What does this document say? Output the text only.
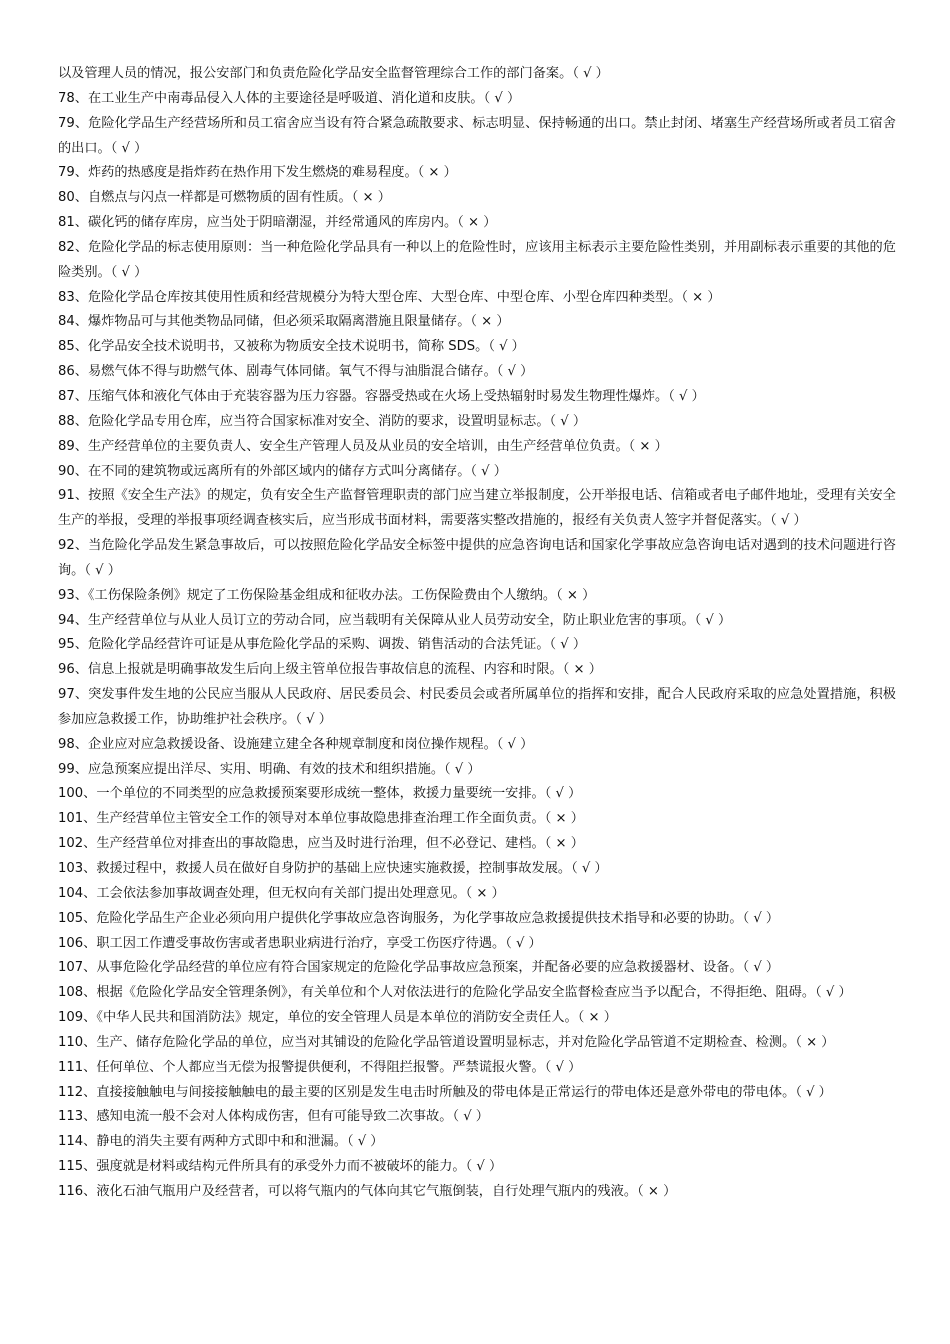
以及管理人员的情况，报公安部门和负责危险化学品安全监督管理综合工作的部门备案。（ √ ）

78、在工业生产中南毒品侵入人体的主要途径是呼吸道、消化道和皮肤。（ √ ）

79、危险化学品生产经营场所和员工宿舍应当设有符合紧急疏散要求、标志明显、保持畅通的出口。禁止封闭、堵塞生产经营场所或者员工宿舍的出口。（ √ ）

79、炸药的热感度是指炸药在热作用下发生燃烧的难易程度。（ × ）

80、自燃点与闪点一样都是可燃物质的固有性质。（ × ）

81、碳化钙的储存库房，应当处于阴暗潮湿，并经常通风的库房内。（ × ）

82、危险化学品的标志使用原则：当一种危险化学品具有一种以上的危险性时，应该用主标表示主要危险性类别，并用副标表示重要的其他的危险类别。（ √ ）

83、危险化学品仓库按其使用性质和经营规模分为特大型仓库、大型仓库、中型仓库、小型仓库四种类型。（ × ）

84、爆炸物品可与其他类物品同储，但必须采取隔离潜施且限量储存。（ × ）

85、化学品安全技术说明书，又被称为物质安全技术说明书，简称 SDS。（ √ ）

86、易燃气体不得与助燃气体、剧毒气体同储。氧气不得与油脂混合储存。（ √ ）

87、压缩气体和液化气体由于充装容器为压力容器。容器受热或在火场上受热辐射时易发生物理性爆炸。（ √ ）

88、危险化学品专用仓库，应当符合国家标准对安全、消防的要求，设置明显标志。（ √ ）

89、生产经营单位的主要负责人、安全生产管理人员及从业员的安全培训，由生产经营单位负责。（ × ）

90、在不同的建筑物或远离所有的外部区域内的储存方式叫分离储存。（ √ ）

91、按照《安全生产法》的规定，负有安全生产监督管理职责的部门应当建立举报制度，公开举报电话、信箱或者电子邮件地址，受理有关安全生产的举报，受理的举报事项经调查核实后，应当形成书面材料，需要落实整改措施的，报经有关负责人签字并督促落实。（ √ ）

92、当危险化学品发生紧急事故后，可以按照危险化学品安全标签中提供的应急咨询电话和国家化学事故应急咨询电话对遇到的技术问题进行咨询。（ √ ）

93、《工伤保险条例》规定了工伤保险基金组成和征收办法。工伤保险费由个人缴纳。（ × ）

94、生产经营单位与从业人员订立的劳动合同，应当载明有关保障从业人员劳动安全，防止职业危害的事项。（ √ ）

95、危险化学品经营许可证是从事危险化学品的采购、调拨、销售活动的合法凭证。（ √ ）

96、信息上报就是明确事故发生后向上级主管单位报告事故信息的流程、内容和时限。（ × ）

97、突发事件发生地的公民应当服从人民政府、居民委员会、村民委员会或者所属单位的指挥和安排，配合人民政府采取的应急处置措施，积极参加应急救援工作，协助维护社会秩序。（ √ ）

98、企业应对应急救援设备、设施建立建全各种规章制度和岗位操作规程。（ √ ）

99、应急预案应提出洋尽、实用、明确、有效的技术和组织措施。（ √ ）

100、一个单位的不同类型的应急救援预案要形成统一整体，救援力量要统一安排。（ √ ）

101、生产经营单位主管安全工作的领导对本单位事故隐患排查治理工作全面负责。（ × ）

102、生产经营单位对排查出的事故隐患，应当及时进行治理，但不必登记、建档。（ × ）

103、救援过程中，救援人员在做好自身防护的基础上应快速实施救援，控制事故发展。（ √ ）

104、工会依法参加事故调查处理，但无权向有关部门提出处理意见。（ × ）

105、危险化学品生产企业必须向用户提供化学事故应急咨询服务，为化学事故应急救援提供技术指导和必要的协助。（ √ ）

106、职工因工作遭受事故伤害或者患职业病进行治疗，享受工伤医疗待遇。（ √ ）

107、从事危险化学品经营的单位应有符合国家规定的危险化学品事故应急预案，并配备必要的应急救援器材、设备。（ √ ）

108、根据《危险化学品安全管理条例》，有关单位和个人对依法进行的危险化学品安全监督检查应当予以配合，不得拒绝、阻碍。（ √ ）

109、《中华人民共和国消防法》规定，单位的安全管理人员是本单位的消防安全责任人。（ × ）

110、生产、储存危险化学品的单位，应当对其铺设的危险化学品管道设置明显标志，并对危险化学品管道不定期检查、检测。（ × ）

111、任何单位、个人都应当无偿为报警提供便利，不得阻拦报警。严禁谎报火警。（ √ ）

112、直接接触触电与间接接触触电的最主要的区别是发生电击时所触及的带电体是正常运行的带电体还是意外带电的带电体。（ √ ）

113、感知电流一般不会对人体构成伤害，但有可能导致二次事故。（ √ ）

114、静电的消失主要有两种方式即中和和泄漏。（ √ ）

115、强度就是材料或结构元件所具有的承受外力而不被破坏的能力。（ √ ）

116、液化石油气瓶用户及经营者，可以将气瓶内的气体向其它气瓶倒装，自行处理气瓶内的残液。（ × ）
